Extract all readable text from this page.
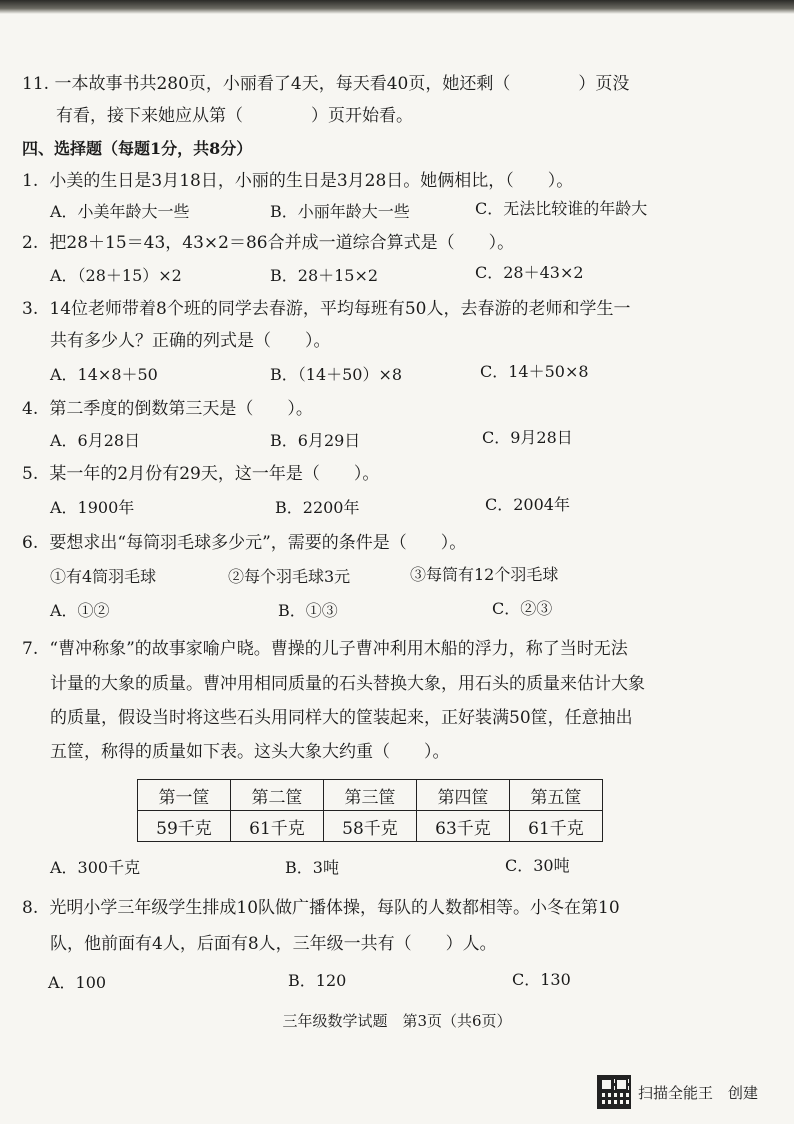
11. 一本故事书共280页，小丽看了4天，每天看40页，她还剩（　　　　）页没
有看，接下来她应从第（　　　　）页开始看。
四、选择题（每题1分，共8分）
1. 小美的生日是3月18日，小丽的生日是3月28日。她俩相比，（　　）。
A．小美年龄大一些	B．小丽年龄大一些	C．无法比较谁的年龄大
2. 把28＋15＝43，43×2＝86合并成一道综合算式是（　　）。
A．（28＋15）×2	B．28＋15×2	C．28＋43×2
3. 14位老师带着8个班的同学去春游，平均每班有50人，去春游的老师和学生一
共有多少人？正确的列式是（　　）。
A．14×8＋50	B．（14＋50）×8	C．14＋50×8
4. 第二季度的倒数第三天是（　　）。
A．6月28日	B．6月29日	C．9月28日
5. 某一年的2月份有29天，这一年是（　　）。
A．1900年	B．2200年	C．2004年
6. 要想求出“每筒羽毛球多少元”，需要的条件是（　　）。
①有4筒羽毛球	②每个羽毛球3元	③每筒有12个羽毛球
A．①②	B．①③	C．②③
7. “曹冲称象”的故事家喻户晓。曹操的儿子曹冲利用木船的浮力，称了当时无法
计量的大象的质量。曹冲用相同质量的石头替换大象，用石头的质量来估计大象
的质量，假设当时将这些石头用同样大的筐装起来，正好装满50筐，任意抽出
五筐，称得的质量如下表。这头大象大约重（　　）。
第一筐	第二筐	第三筐	第四筐	第五筐
59千克	61千克	58千克	63千克	61千克
A．300千克	B．3吨	C．30吨
8. 光明小学三年级学生排成10队做广播体操，每队的人数都相等。小冬在第10
队，他前面有4人，后面有8人，三年级一共有（　　）人。
A．100	B．120	C．130
三年级数学试题　第3页（共6页）
扫描全能王　创建
